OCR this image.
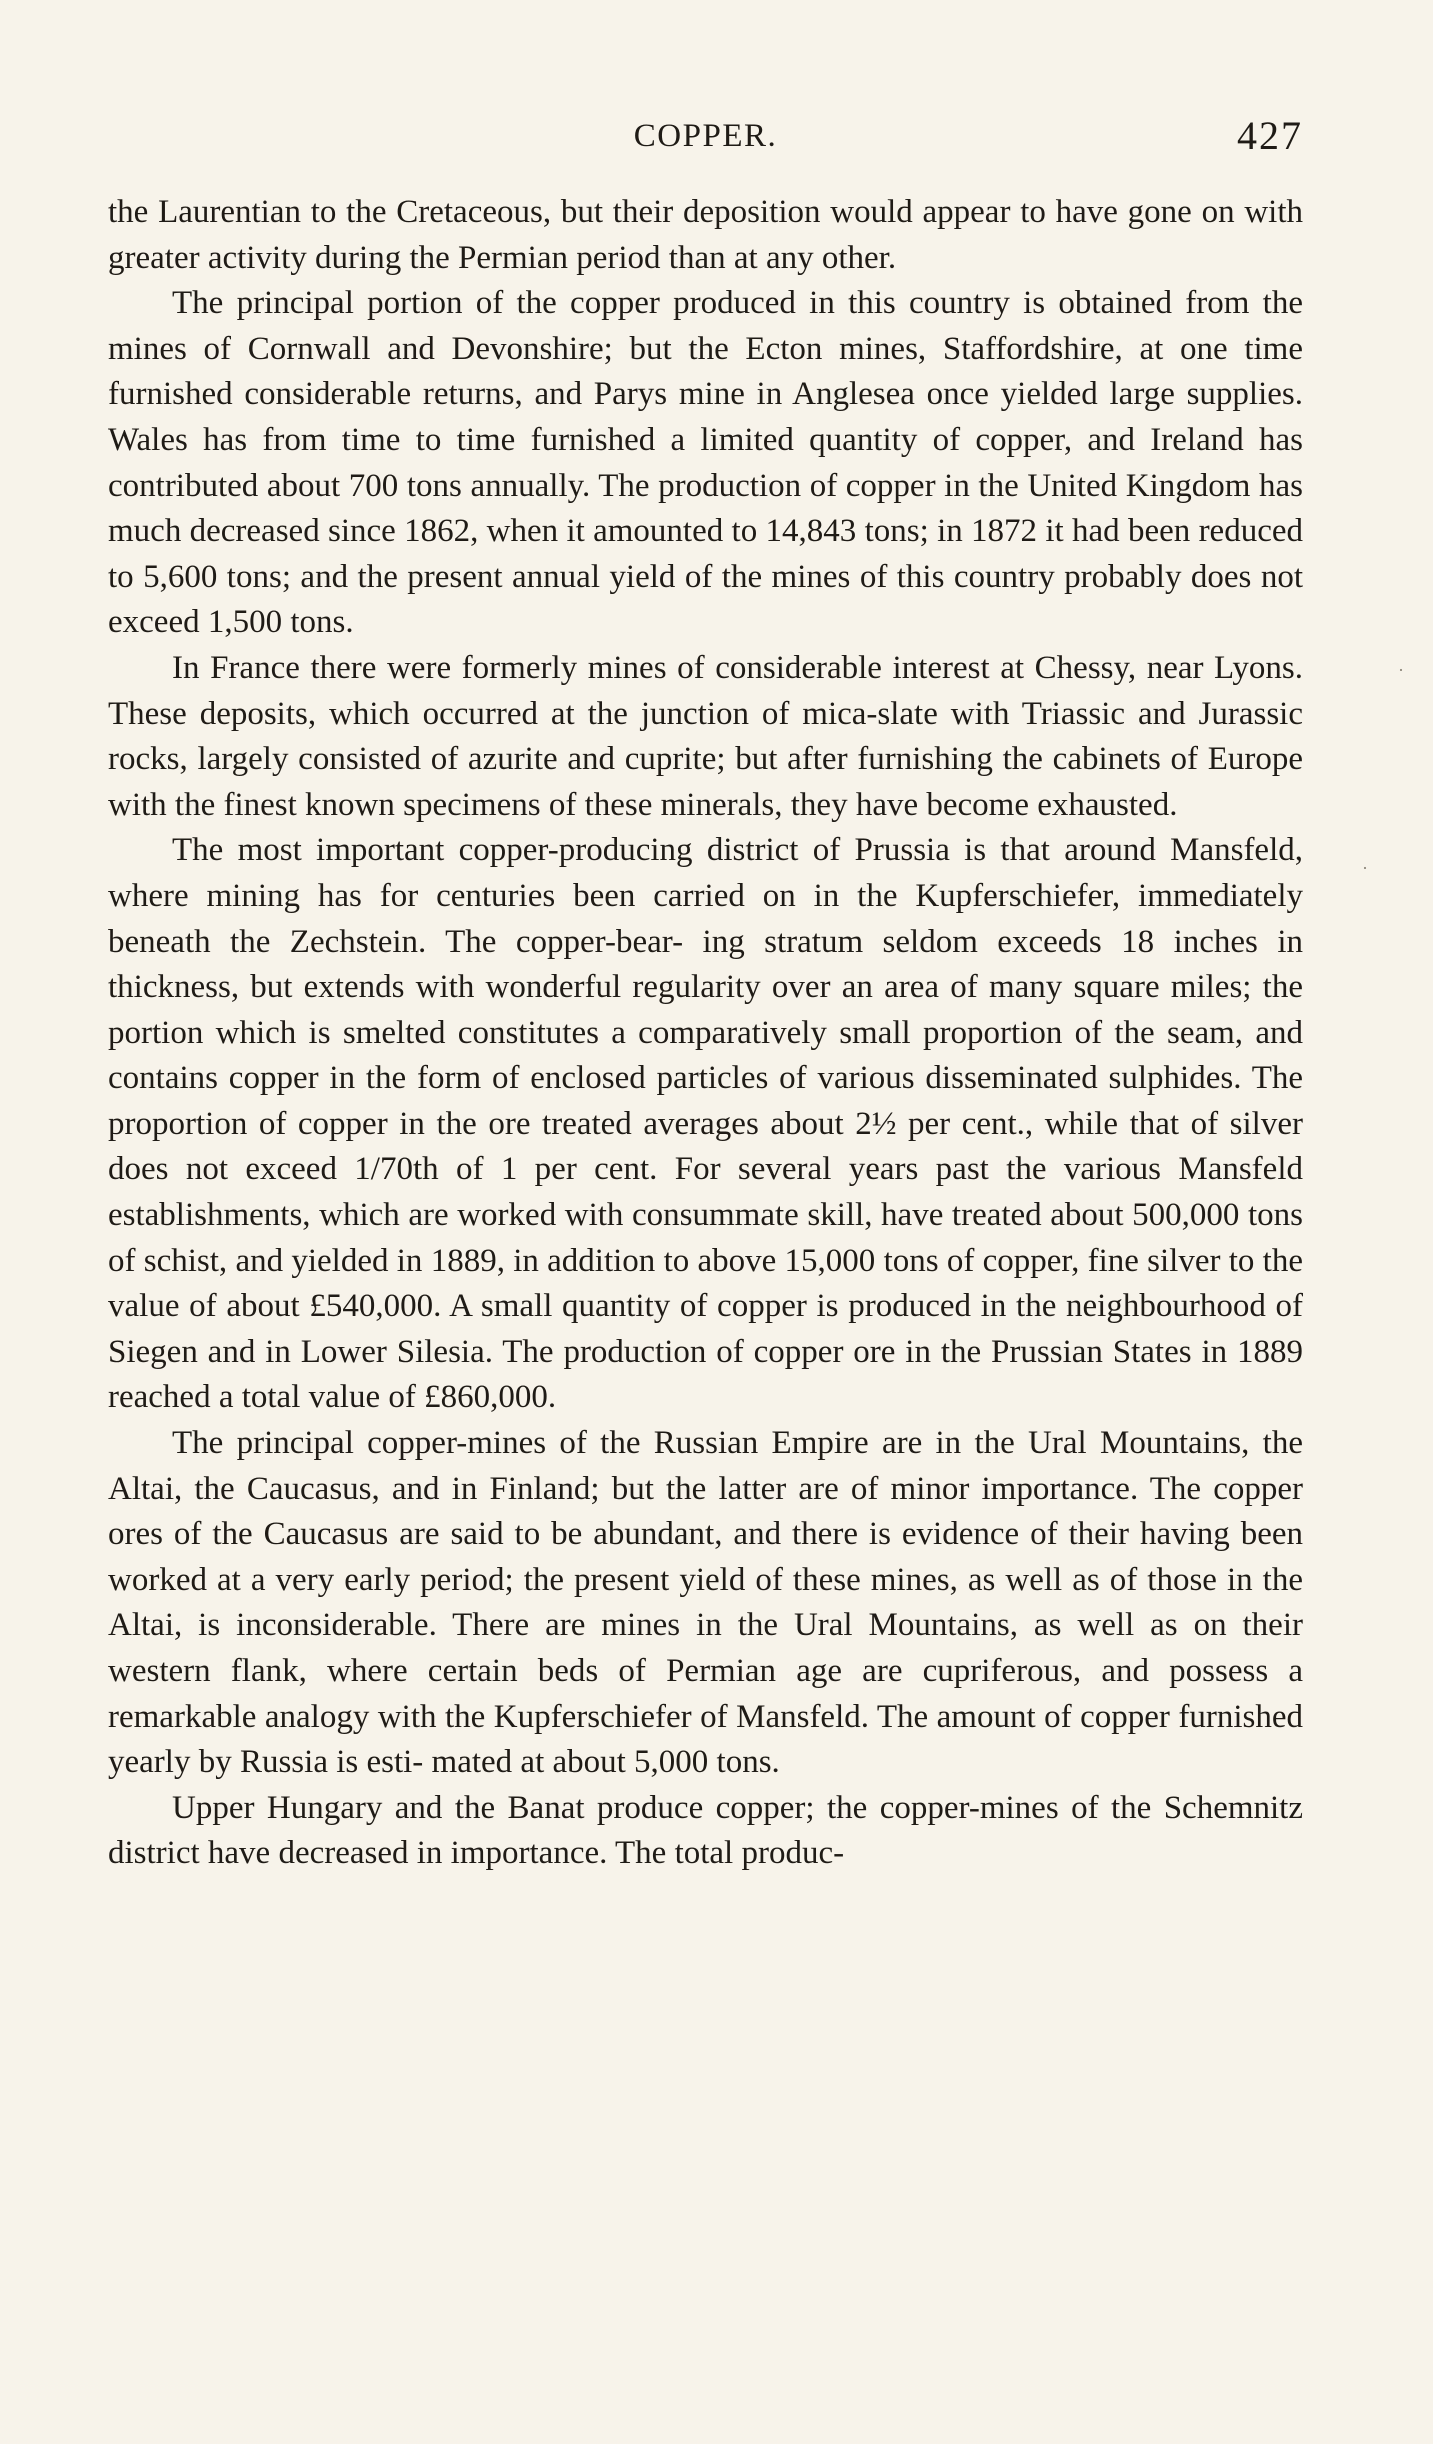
COPPER.	427

the Laurentian to the Cretaceous, but their deposition would appear to have gone on with greater activity during the Permian period than at any other.

The principal portion of the copper produced in this country is obtained from the mines of Cornwall and Devonshire; but the Ecton mines, Staffordshire, at one time furnished considerable returns, and Parys mine in Anglesea once yielded large supplies. Wales has from time to time furnished a limited quantity of copper, and Ireland has contributed about 700 tons annually. The production of copper in the United Kingdom has much decreased since 1862, when it amounted to 14,843 tons; in 1872 it had been reduced to 5,600 tons; and the present annual yield of the mines of this country probably does not exceed 1,500 tons.

In France there were formerly mines of considerable interest at Chessy, near Lyons. These deposits, which occurred at the junction of mica-slate with Triassic and Jurassic rocks, largely consisted of azurite and cuprite; but after furnishing the cabinets of Europe with the finest known specimens of these minerals, they have become exhausted.

The most important copper-producing district of Prussia is that around Mansfeld, where mining has for centuries been carried on in the Kupferschiefer, immediately beneath the Zechstein. The copper-bear- ing stratum seldom exceeds 18 inches in thickness, but extends with wonderful regularity over an area of many square miles; the portion which is smelted constitutes a comparatively small proportion of the seam, and contains copper in the form of enclosed particles of various disseminated sulphides. The proportion of copper in the ore treated averages about 2½ per cent., while that of silver does not exceed 1/70th of 1 per cent. For several years past the various Mansfeld establishments, which are worked with consummate skill, have treated about 500,000 tons of schist, and yielded in 1889, in addition to above 15,000 tons of copper, fine silver to the value of about £540,000. A small quantity of copper is produced in the neighbourhood of Siegen and in Lower Silesia. The production of copper ore in the Prussian States in 1889 reached a total value of £860,000.

The principal copper-mines of the Russian Empire are in the Ural Mountains, the Altai, the Caucasus, and in Finland; but the latter are of minor importance. The copper ores of the Caucasus are said to be abundant, and there is evidence of their having been worked at a very early period; the present yield of these mines, as well as of those in the Altai, is inconsiderable. There are mines in the Ural Mountains, as well as on their western flank, where certain beds of Permian age are cupriferous, and possess a remarkable analogy with the Kupferschiefer of Mansfeld. The amount of copper furnished yearly by Russia is esti- mated at about 5,000 tons.

Upper Hungary and the Banat produce copper; the copper-mines of the Schemnitz district have decreased in importance. The total produc-

·
·
